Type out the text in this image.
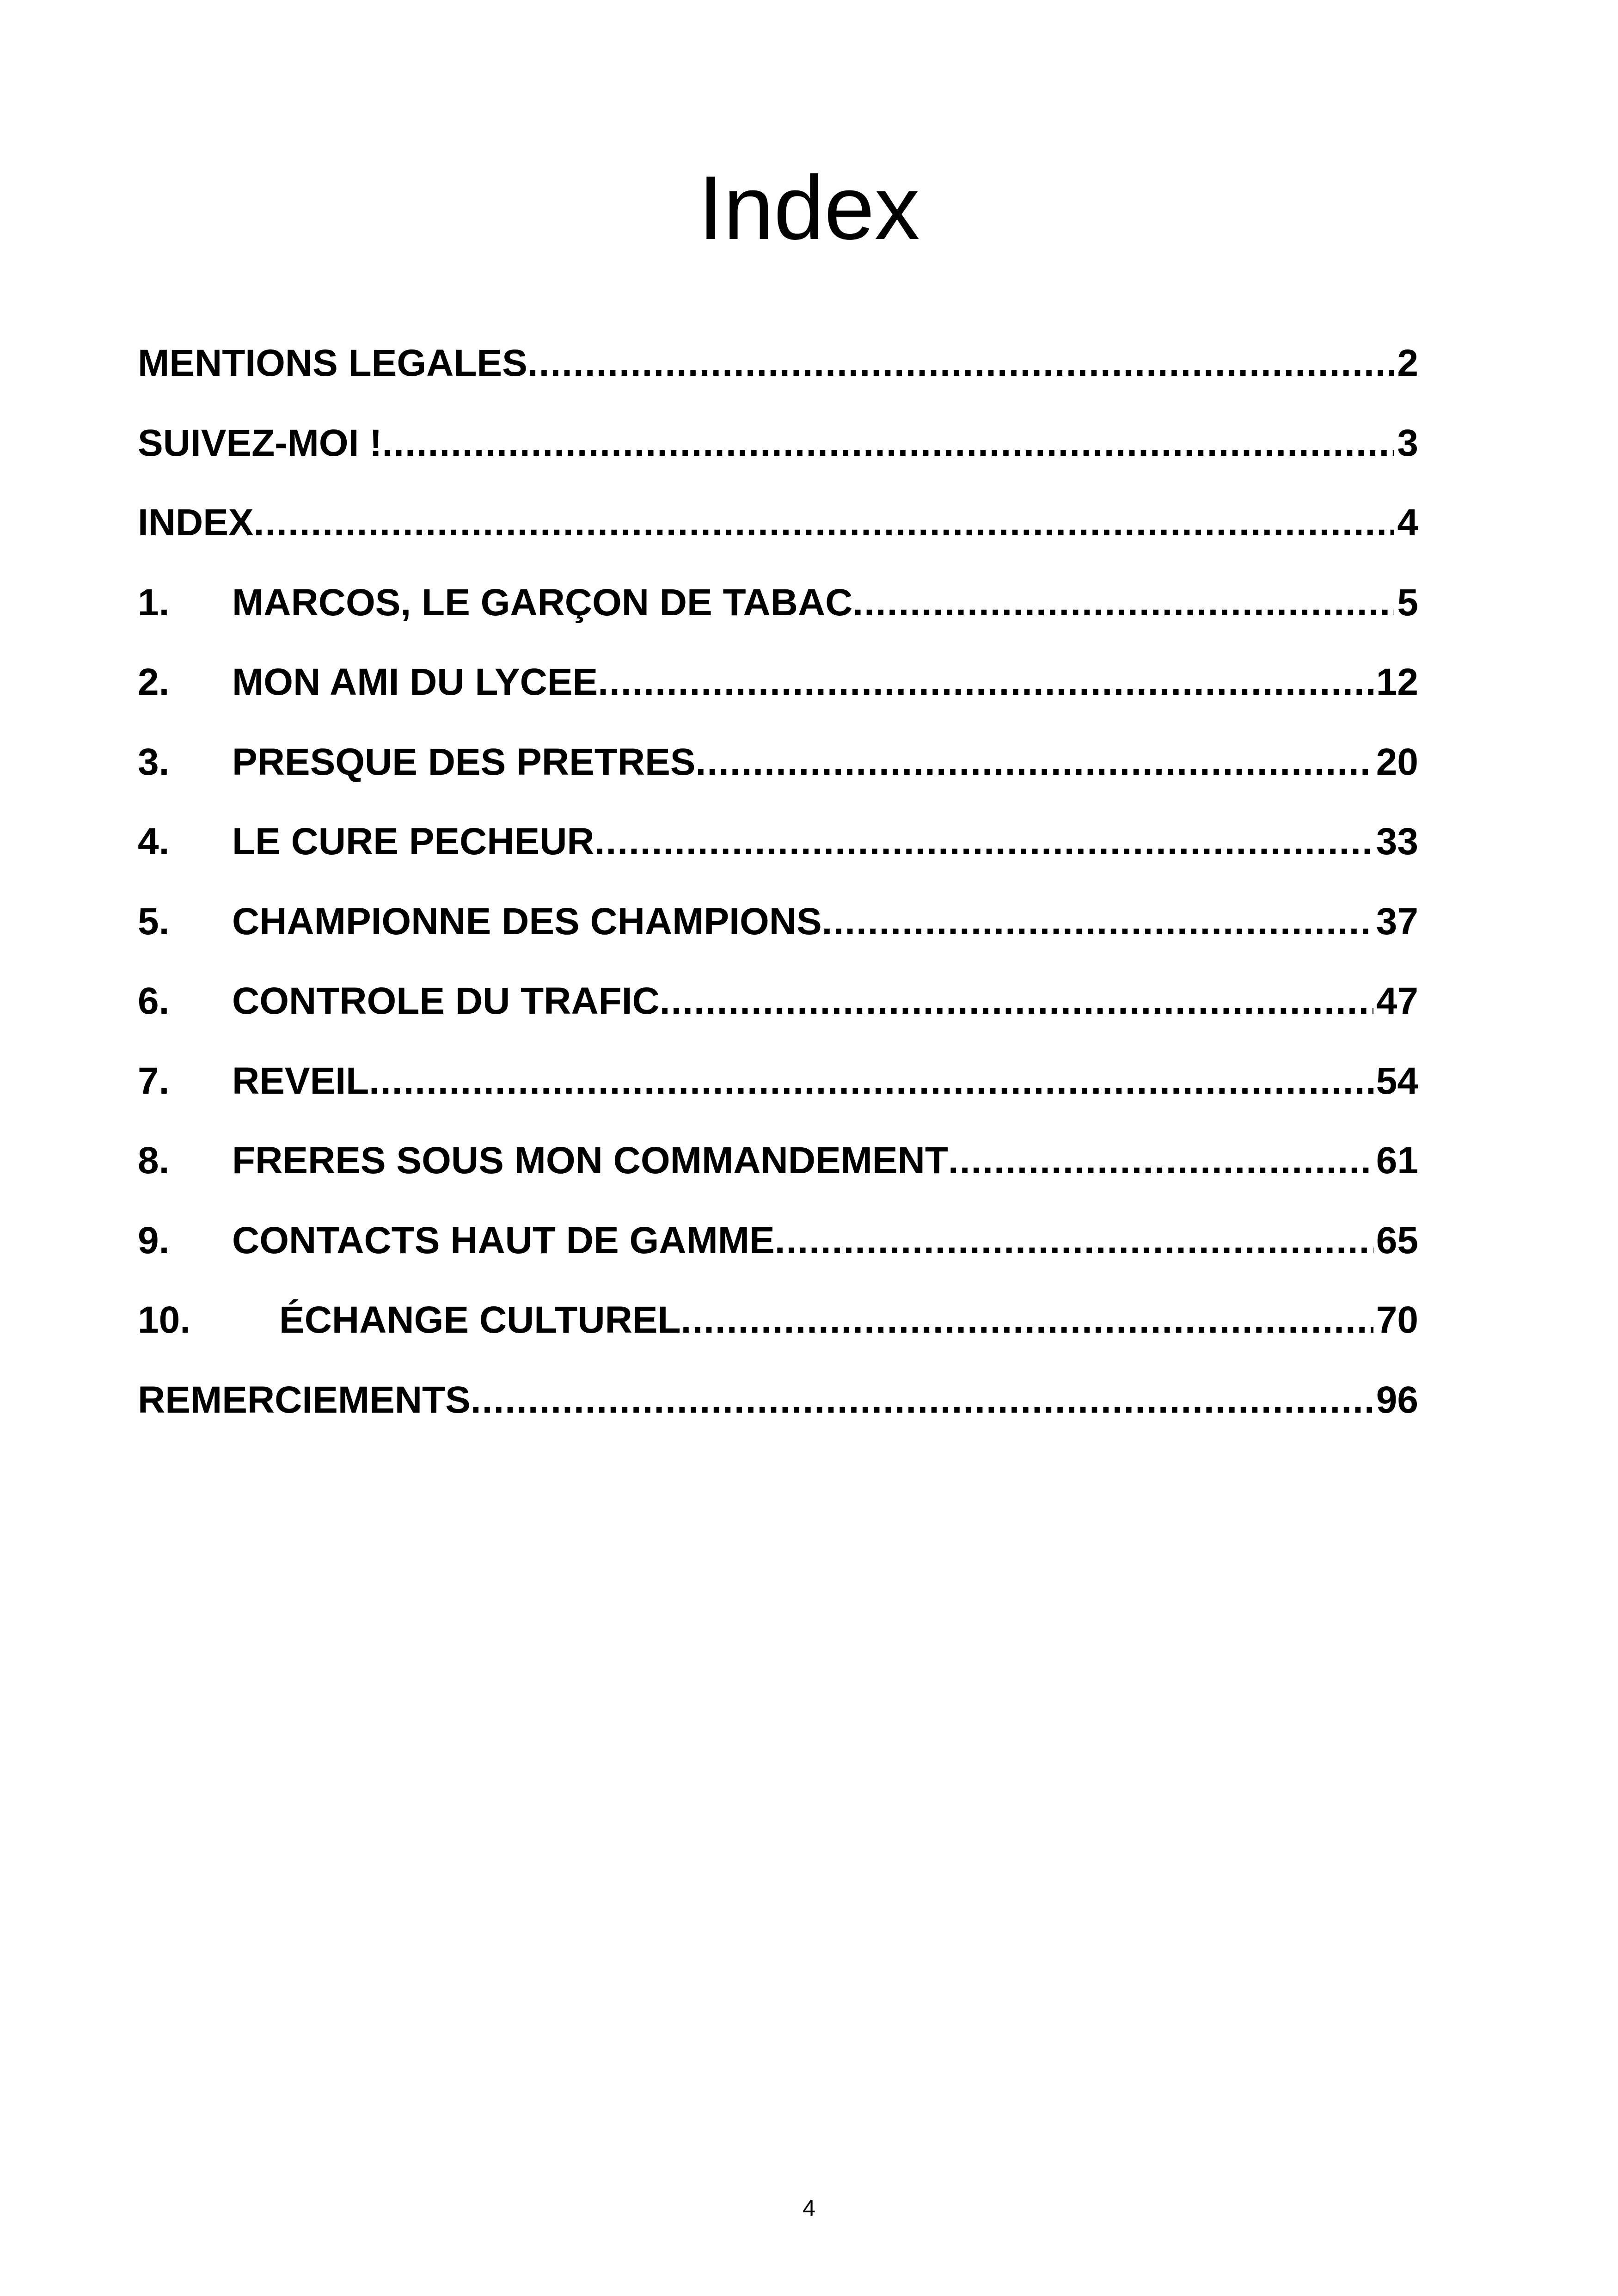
Index
MENTIONS LEGALES .....	2
SUIVEZ-MOI ! .....	3
INDEX .....	4
1.	MARCOS, LE GARÇON DE TABAC .....	5
2.	MON AMI DU LYCEE .....	12
3.	PRESQUE DES PRETRES .....	20
4.	LE CURE PECHEUR .....	33
5.	CHAMPIONNE DES CHAMPIONS .....	37
6.	CONTROLE DU TRAFIC .....	47
7.	REVEIL .....	54
8.	FRERES SOUS MON COMMANDEMENT .....	61
9.	CONTACTS HAUT DE GAMME .....	65
10.	ÉCHANGE CULTUREL .....	70
REMERCIEMENTS .....	96
4
